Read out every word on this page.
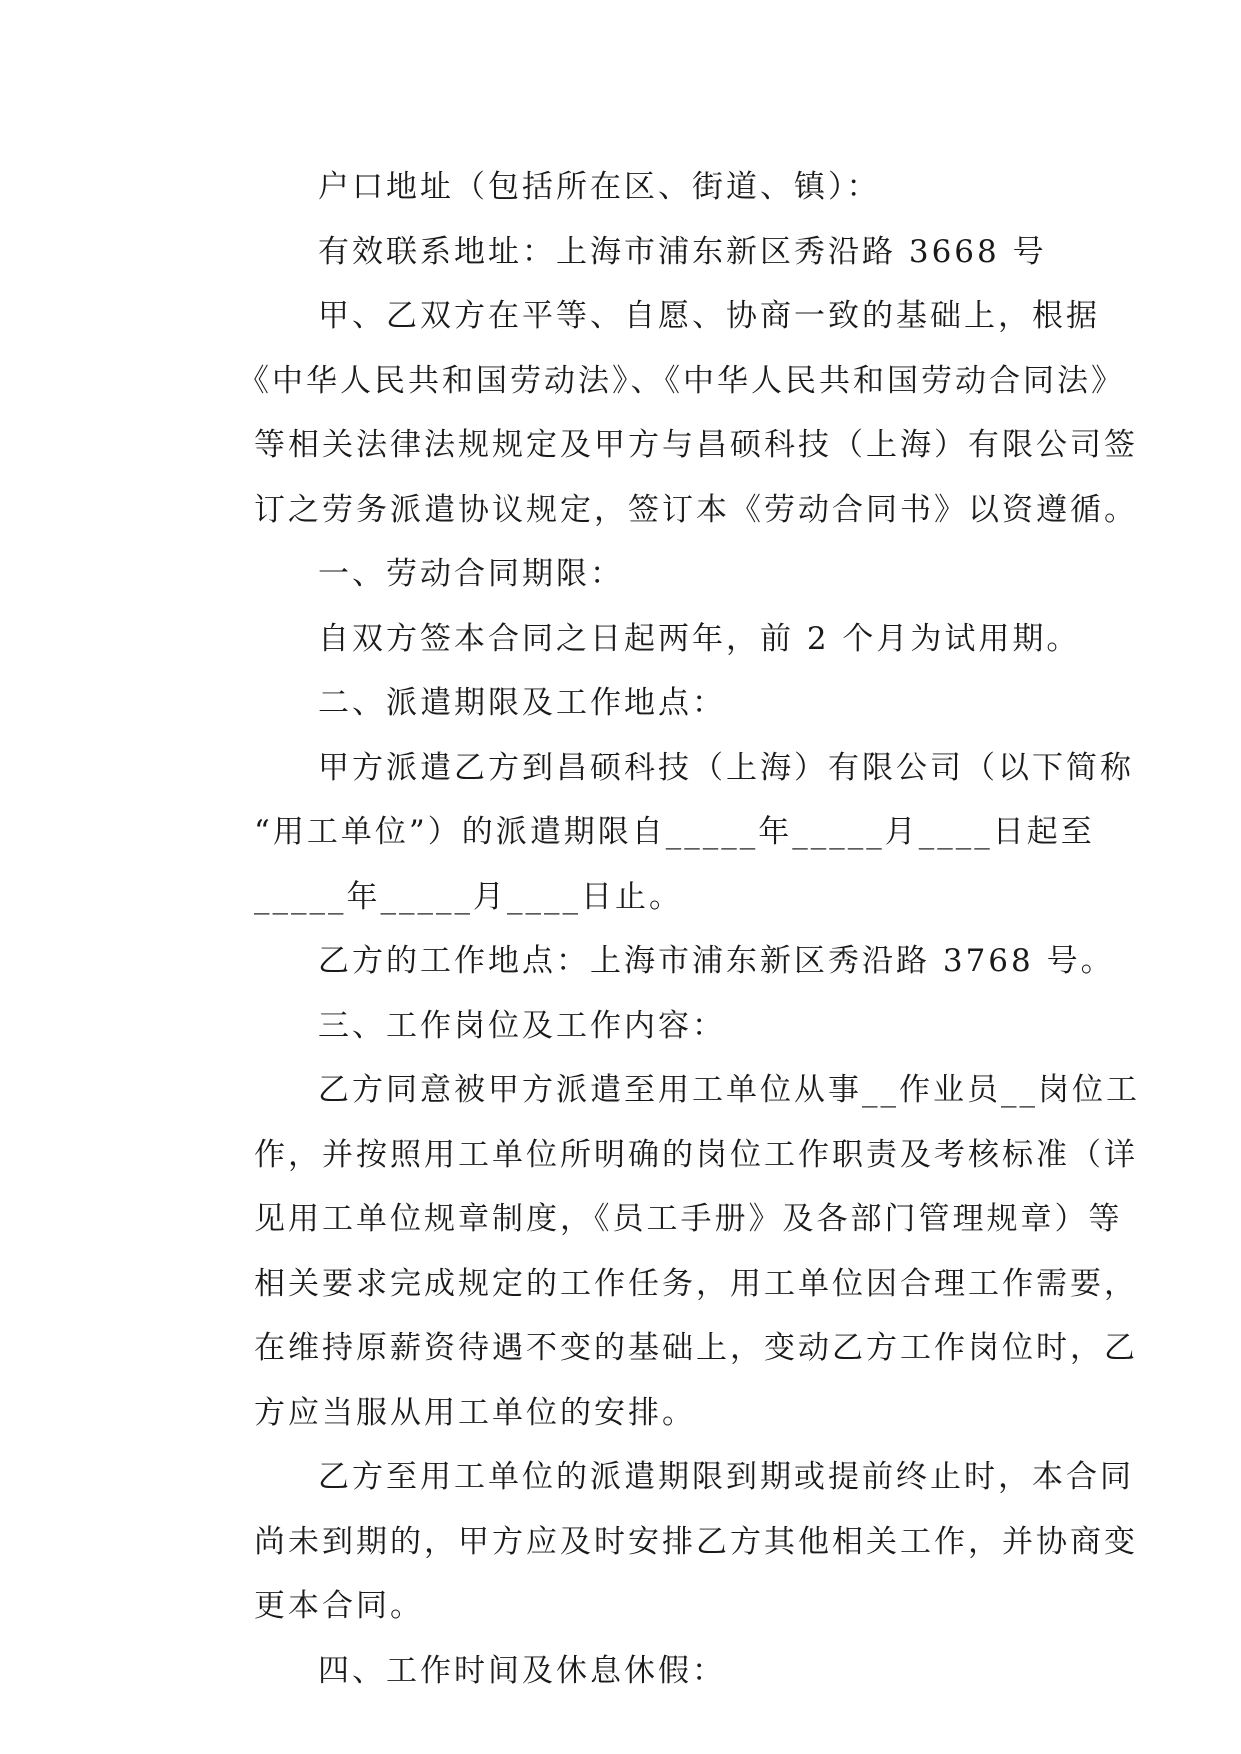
户口地址（包括所在区、街道、镇）：
有效联系地址：上海市浦东新区秀沿路 3668 号
甲、乙双方在平等、自愿、协商一致的基础上，根据
《中华人民共和国劳动法》、《中华人民共和国劳动合同法》
等相关法律法规规定及甲方与昌硕科技（上海）有限公司签
订之劳务派遣协议规定，签订本《劳动合同书》以资遵循。
一、劳动合同期限：
自双方签本合同之日起两年，前 2 个月为试用期。
二、派遣期限及工作地点：
甲方派遣乙方到昌硕科技（上海）有限公司（以下简称
“用工单位”）的派遣期限自_____年_____月____日起至
_____年_____月____日止。
乙方的工作地点：上海市浦东新区秀沿路 3768 号。
三、工作岗位及工作内容：
乙方同意被甲方派遣至用工单位从事__作业员__岗位工
作，并按照用工单位所明确的岗位工作职责及考核标准（详
见用工单位规章制度，《员工手册》及各部门管理规章）等
相关要求完成规定的工作任务，用工单位因合理工作需要，
在维持原薪资待遇不变的基础上，变动乙方工作岗位时，乙
方应当服从用工单位的安排。
乙方至用工单位的派遣期限到期或提前终止时，本合同
尚未到期的，甲方应及时安排乙方其他相关工作，并协商变
更本合同。
四、工作时间及休息休假：
